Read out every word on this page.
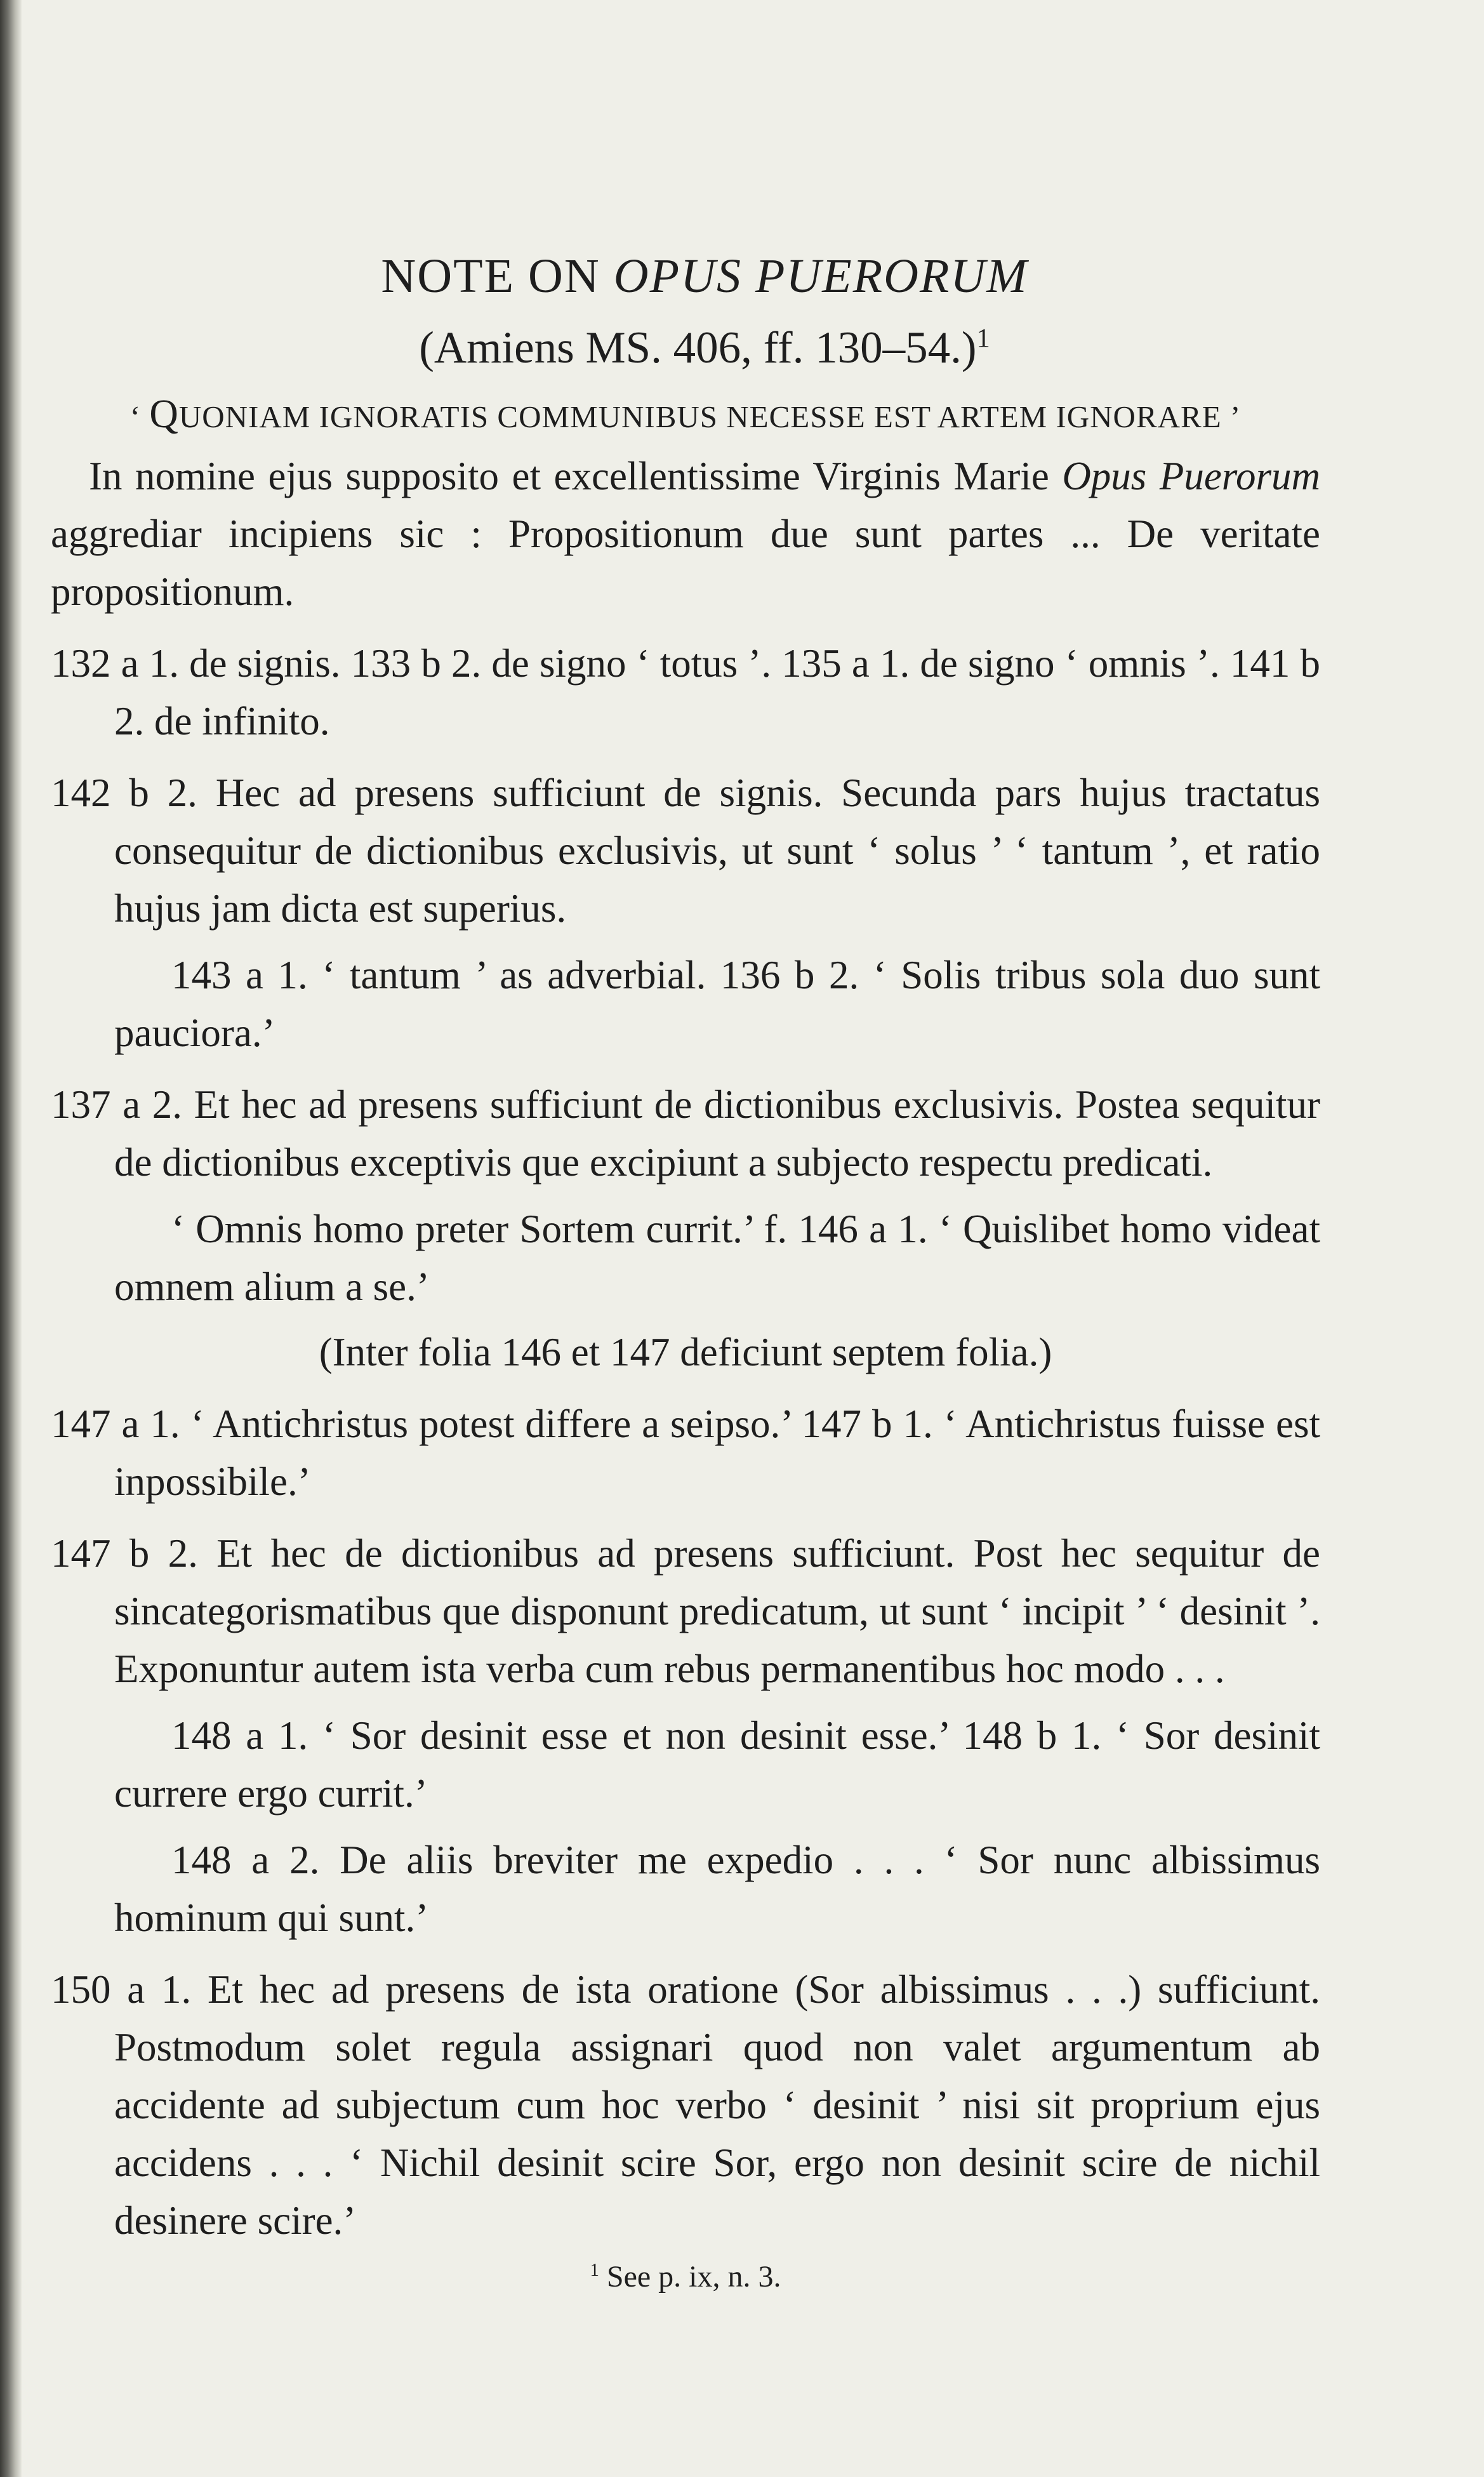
NOTE ON OPUS PUERORUM
(Amiens MS. 406, ff. 130–54.)$^1$
‘ QUONIAM IGNORATIS COMMUNIBUS NECESSE EST ARTEM IGNORARE ’

In nomine ejus supposito et excellentissime Virginis Marie Opus Puerorum aggrediar incipiens sic : Propositionum due sunt partes ... De veritate propositionum.

132 a 1. de signis. 133 b 2. de signo ‘ totus ’. 135 a 1. de signo ‘ omnis ’. 141 b 2. de infinito.

142 b 2. Hec ad presens sufficiunt de signis. Secunda pars hujus tractatus consequitur de dictionibus exclusivis, ut sunt ‘ solus ’ ‘ tantum ’, et ratio hujus jam dicta est superius.

143 a 1. ‘ tantum ’ as adverbial. 136 b 2. ‘ Solis tribus sola duo sunt pauciora.’

137 a 2. Et hec ad presens sufficiunt de dictionibus exclusivis. Postea sequitur de dictionibus exceptivis que excipiunt a subjecto respectu predicati.

‘ Omnis homo preter Sortem currit.’ f. 146 a 1. ‘ Quislibet homo videat omnem alium a se.’

(Inter folia 146 et 147 deficiunt septem folia.)

147 a 1. ‘ Antichristus potest differe a seipso.’ 147 b 1. ‘ Antichristus fuisse est inpossibile.’

147 b 2. Et hec de dictionibus ad presens sufficiunt. Post hec sequitur de sincategorismatibus que disponunt predicatum, ut sunt ‘ incipit ’ ‘ desinit ’. Exponuntur autem ista verba cum rebus permanentibus hoc modo . . .

148 a 1. ‘ Sor desinit esse et non desinit esse.’ 148 b 1. ‘ Sor desinit currere ergo currit.’

148 a 2. De aliis breviter me expedio . . . ‘ Sor nunc albissimus hominum qui sunt.’

150 a 1. Et hec ad presens de ista oratione (Sor albissimus . . .) sufficiunt. Postmodum solet regula assignari quod non valet argumentum ab accidente ad subjectum cum hoc verbo ‘ desinit ’ nisi sit proprium ejus accidens . . . ‘ Nichil desinit scire Sor, ergo non desinit scire de nichil desinere scire.’

$^1$ See p. ix, n. 3.
